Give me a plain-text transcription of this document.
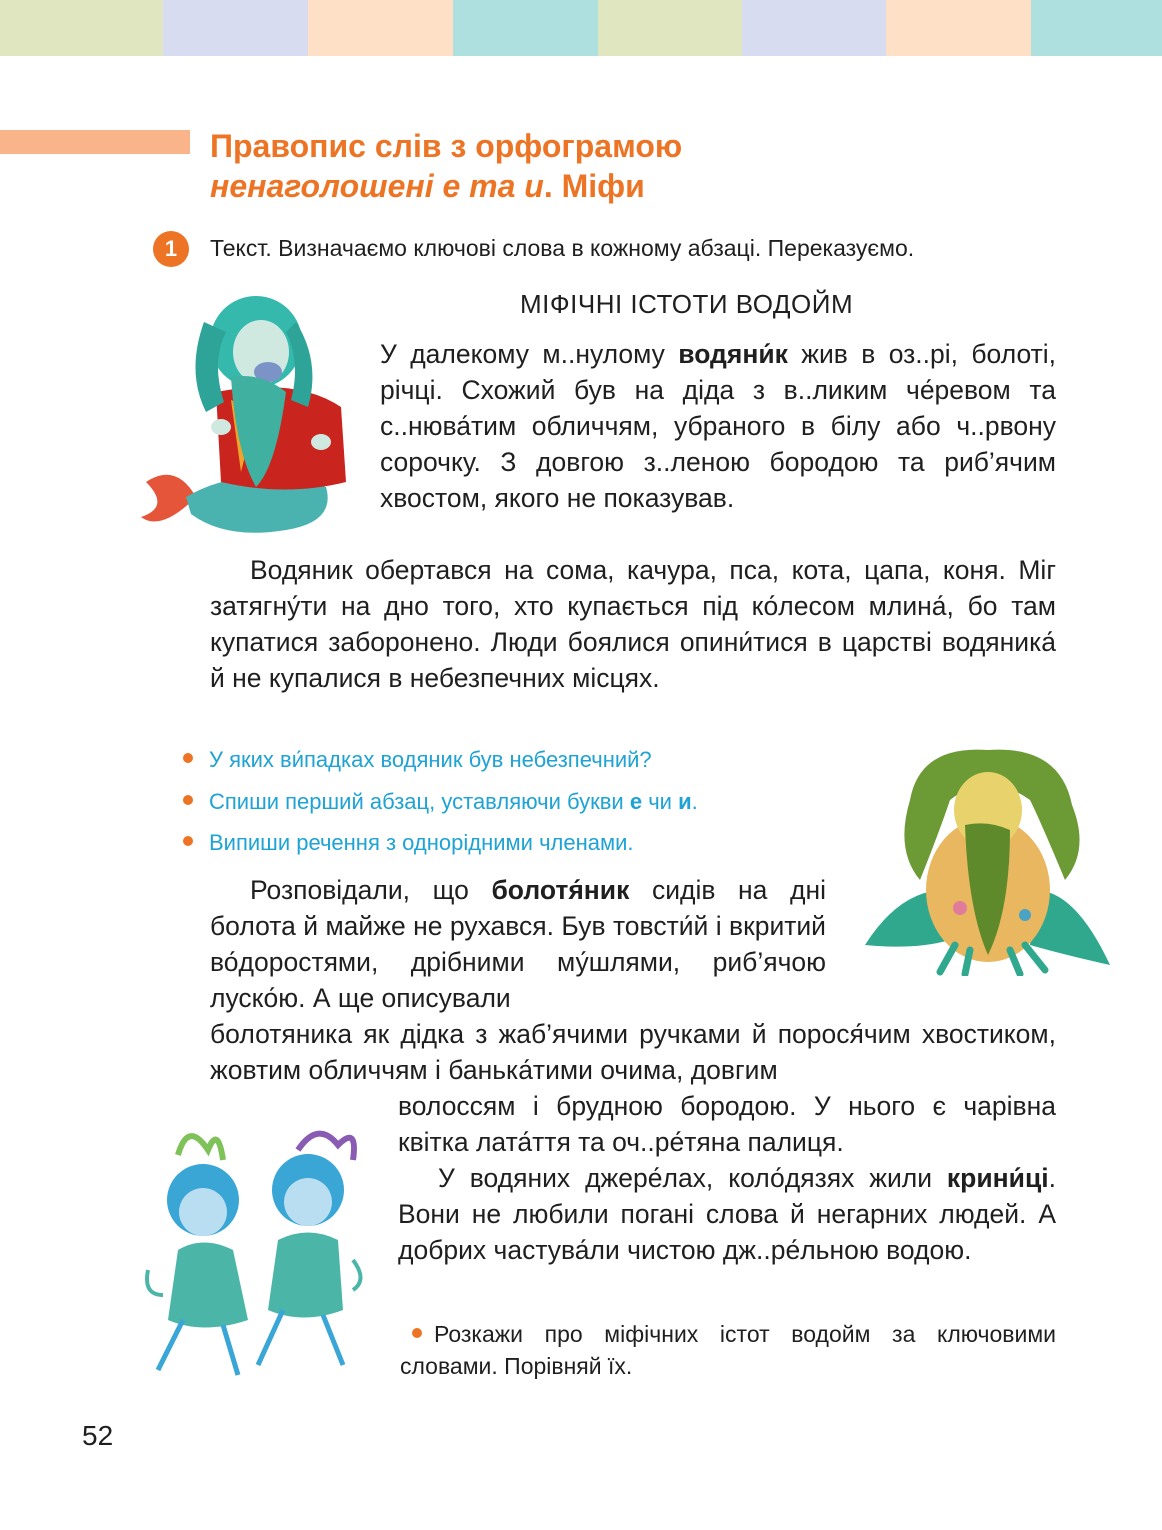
Правопис слів з орфограмою
ненаголошені е та и. Міфи
1	Текст. Визначаємо ключові слова в кожному абзаці. Переказуємо.
МІФІЧНІ ІСТОТИ ВОДОЙМ
У далекому м..нулому водяни́к жив в оз..рі, болоті, річці. Схожий був на діда з в..ликим че́ревом та с..нюва́тим обличчям, убраного в білу або ч..рвону сорочку. З довгою з..леною бородою та риб’ячим хвостом, якого не показував.
Водяник обертався на сома, качура, пса, кота, цапа, коня. Міг затягну́ти на дно того, хто купається під ко́лесом млина́, бо там купатися заборонено. Люди боялися опини́тися в царстві водяника́ й не купалися в небезпечних місцях.
У яких ви́падках водяник був небезпечний?
Спиши перший абзац, уставляючи букви е чи и.
Випиши речення з однорідними членами.
Розповідали, що болотя́ник сидів на дні болота й майже не рухався. Був товсти́й і вкритий во́доростями, дрібними му́шлями, риб’ячою луско́ю. А ще описували
болотяника як дідка з жаб’ячими ручками й порося́чим хвостиком, жовтим обличчям і банька́тими очима, довгим
волоссям і брудною бородою. У нього є чарівна квітка лата́ття та оч..ре́тяна палиця.
У водяних джере́лах, коло́дязях жили крини́ці. Вони не любили погані слова й негарних людей. А добрих частува́ли чистою дж..ре́льною водою.
Розкажи про міфічних істот водойм за ключовими словами. Порівняй їх.
52
